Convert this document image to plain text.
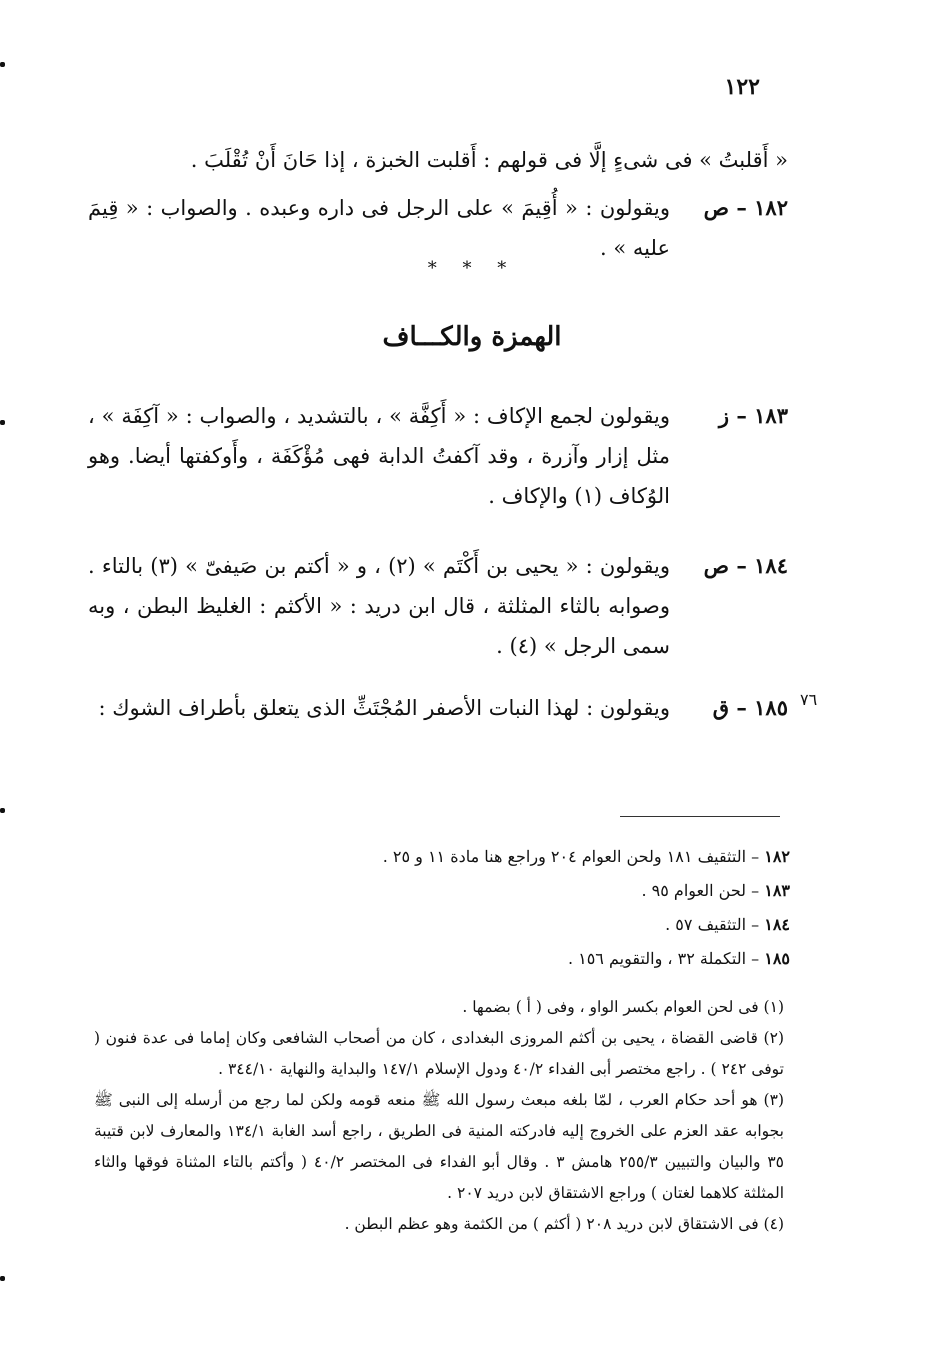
١٢٢
« أَقلبتُ » فى شىءٍ إلَّا فى قولهم : أَقلبت الخبزة ، إذا حَانَ أَنْ تُقْلَبَ .
١٨٢ – ص
ويقولون : « أُقِيمَ » على الرجل فى داره وعبده . والصواب : « قِيمَ عليه » .
* * *
الهمزة والكـــاف
١٨٣ – ز
ويقولون لجمع الإكاف : « أَكِفَّة » ، بالتشديد ، والصواب : « آكِفَة » ، مثل إزار وآزرة ، وقد آكفتُ الدابة فهى مُؤْكَفَة ، وأَوكفتها أيضا. وهو الوُكاف (١) والإكاف .
١٨٤ – ص
ويقولون : « يحيى بن أَكْتَم » (٢) ، و « أكتم بن صَيفىّ » (٣) بالتاء . وصوابه بالثاء المثلثة ، قال ابن دريد : « الأكثم : الغليظ البطن ، وبه سمى الرجل » (٤) .
١٨٥ – ق
ويقولون : لهذا النبات الأصفر المُجْتَثِّ الذى يتعلق بأطراف الشوك :	٧٦
١٨٢ – التثقيف ١٨١ ولحن العوام ٢٠٤ وراجع هنا مادة ١١ و ٢٥ .
١٨٣ – لحن العوام ٩٥ .
١٨٤ – التثقيف ٥٧ .
١٨٥ – التكملة ٣٢ ، والتقويم ١٥٦ .
(١) فى لحن العوام بكسر الواو ، وفى ( أ ) بضمها .
(٢) قاضى القضاة ، يحيى بن أكثم المروزى البغدادى ، كان من أصحاب الشافعى وكان إماما فى عدة فنون ( توفى ٢٤٢ ) . راجع مختصر أبى الفداء ٤٠/٢ ودول الإسلام ١٤٧/١ والبداية والنهاية ٣٤٤/١٠ .
(٣) هو أحد حكام العرب ، لمّا بلغه مبعث رسول الله ﷺ منعه قومه ولكن لما رجع من أرسله إلى النبى ﷺ بجوابه عقد العزم على الخروج إليه فادركته المنية فى الطريق ، راجع أسد الغابة ١٣٤/١ والمعارف لابن قتيبة ٣٥ والبيان والتبيين ٢٥٥/٣ هامش ٣ . وقال أبو الفداء فى المختصر ٤٠/٢ ( وأكتم بالتاء المثناة فوقها والثاء المثلثة كلاهما لغتان ) وراجع الاشتقاق لابن دريد ٢٠٧ .
(٤) فى الاشتقاق لابن دريد ٢٠٨ ( أكثم ) من الكثمة وهو عظم البطن .
